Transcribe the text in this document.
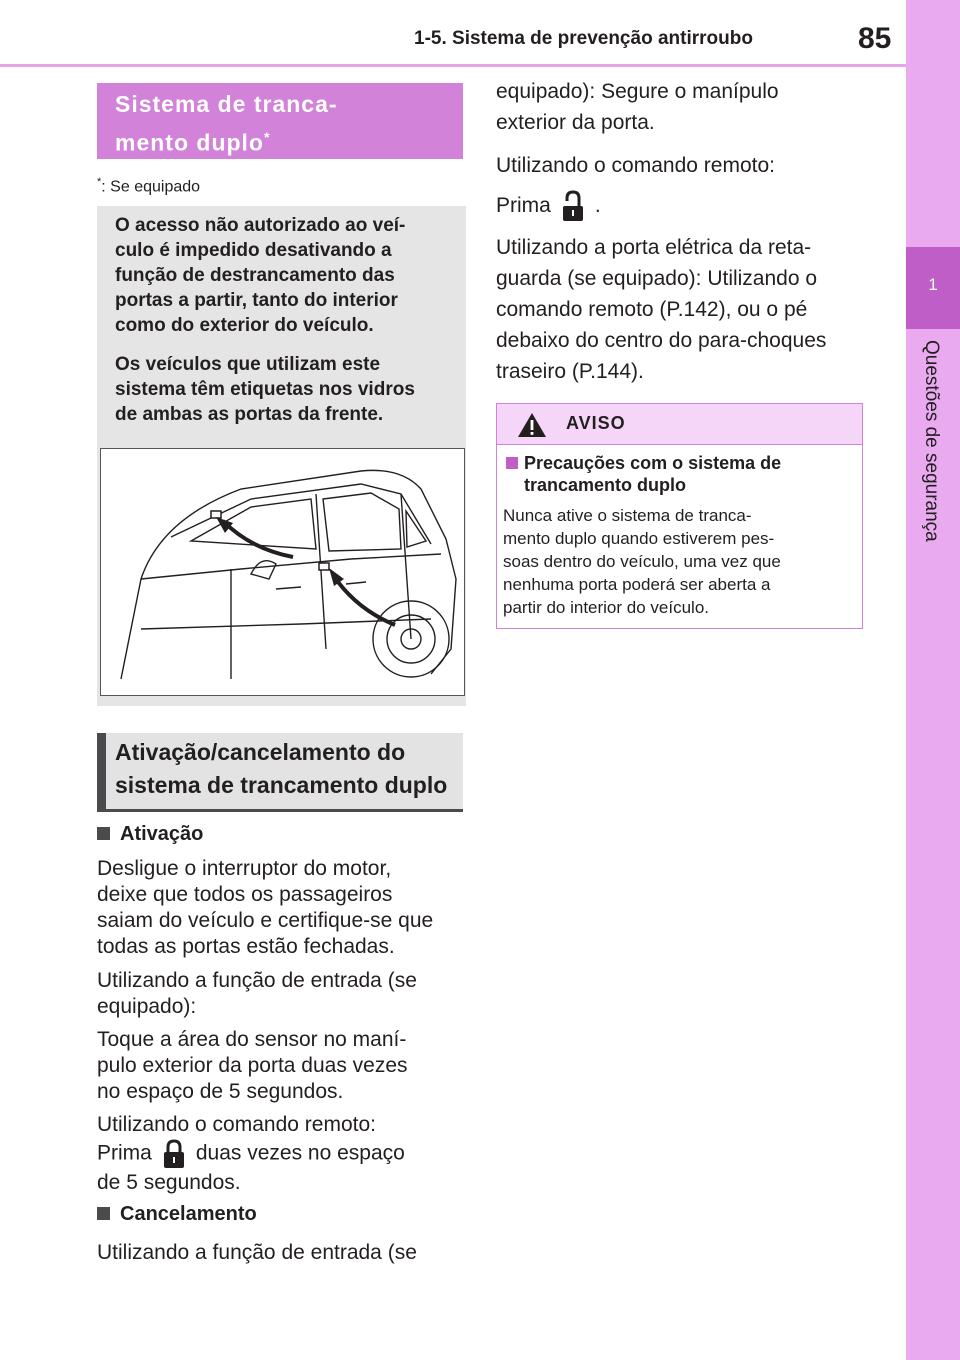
1-5. Sistema de prevenção antirroubo	85
1
Questões de segurança
Sistema de tranca-
mento duplo*
*: Se equipado
O acesso não autorizado ao veí-
culo é impedido desativando a
função de destrancamento das
portas a partir, tanto do interior
como do exterior do veículo.
Os veículos que utilizam este
sistema têm etiquetas nos vidros
de ambas as portas da frente.
Ativação/cancelamento do
sistema de trancamento duplo
Ativação
Desligue o interruptor do motor,
deixe que todos os passageiros
saiam do veículo e certifique-se que
todas as portas estão fechadas.
Utilizando a função de entrada (se
equipado):
Toque a área do sensor no maní-
pulo exterior da porta duas vezes
no espaço de 5 segundos.
Utilizando o comando remoto:
Prima duas vezes no espaço
de 5 segundos.
Cancelamento
Utilizando a função de entrada (se
equipado): Segure o manípulo
exterior da porta.
Utilizando o comando remoto:
Prima .
Utilizando a porta elétrica da reta-
guarda (se equipado): Utilizando o
comando remoto (P.142), ou o pé
debaixo do centro do para-choques
traseiro (P.144).
AVISO
Precauções com o sistema de
trancamento duplo
Nunca ative o sistema de tranca-
mento duplo quando estiverem pes-
soas dentro do veículo, uma vez que
nenhuma porta poderá ser aberta a
partir do interior do veículo.
